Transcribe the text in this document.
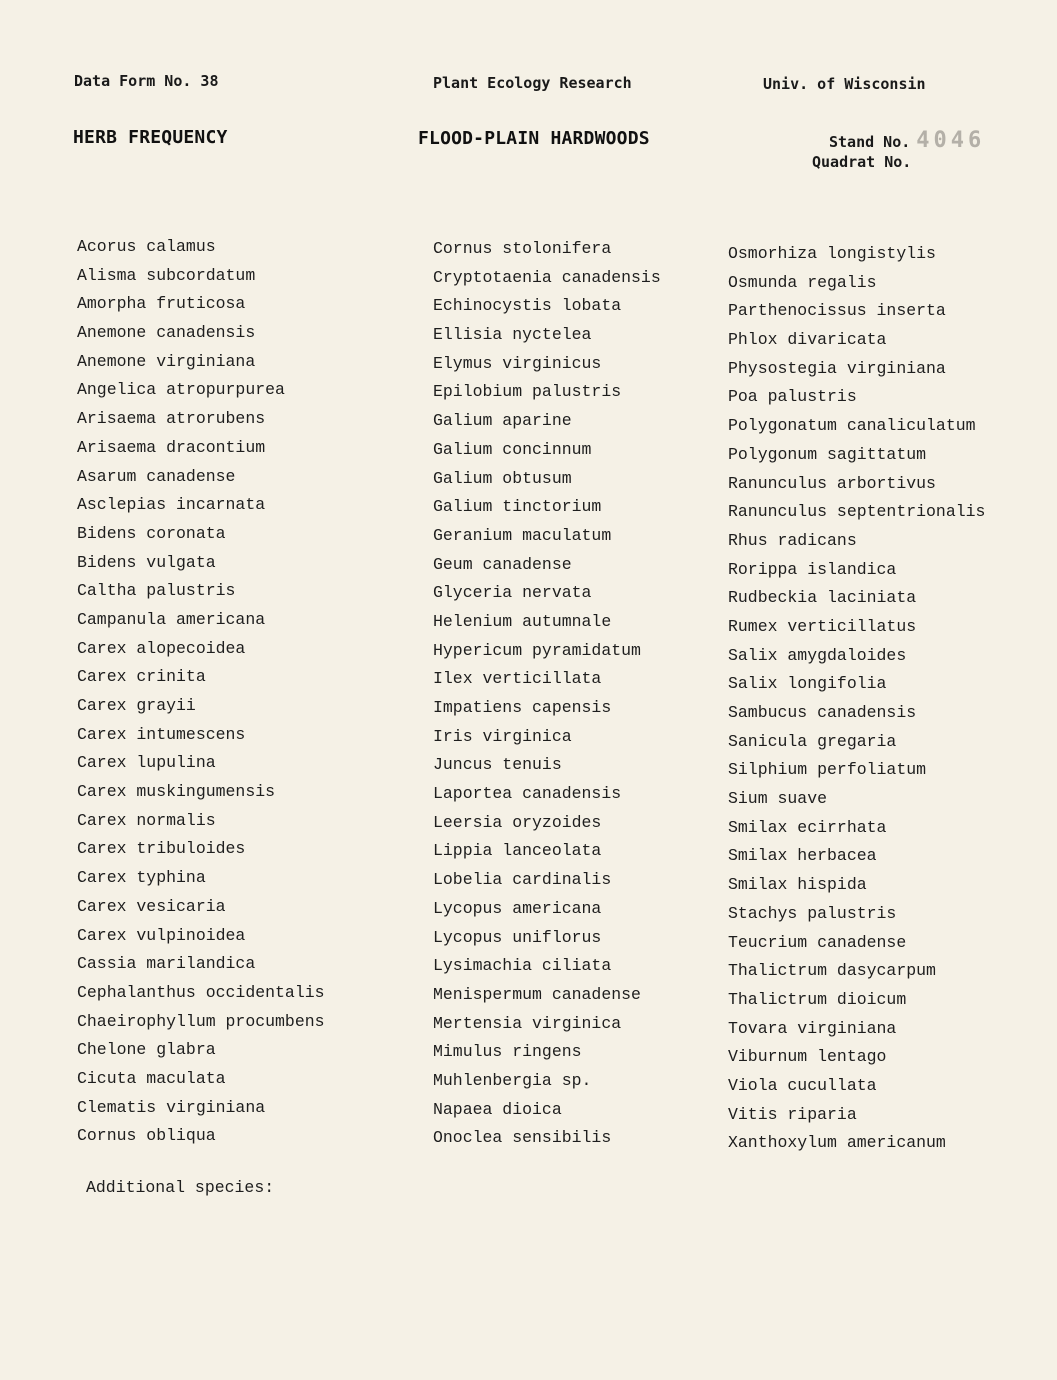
Data Form No. 38	Plant Ecology Research	Univ. of Wisconsin
HERB FREQUENCY	FLOOD-PLAIN HARDWOODS	Stand No. 4046
Quadrat No.
Acorus calamus
Alisma subcordatum
Amorpha fruticosa
Anemone canadensis
Anemone virginiana
Angelica atropurpurea
Arisaema atrorubens
Arisaema dracontium
Asarum canadense
Asclepias incarnata
Bidens coronata
Bidens vulgata
Caltha palustris
Campanula americana
Carex alopecoidea
Carex crinita
Carex grayii
Carex intumescens
Carex lupulina
Carex muskingumensis
Carex normalis
Carex tribuloides
Carex typhina
Carex vesicaria
Carex vulpinoidea
Cassia marilandica
Cephalanthus occidentalis
Chaeirophyllum procumbens
Chelone glabra
Cicuta maculata
Clematis virginiana
Cornus obliqua
Cornus stolonifera
Cryptotaenia canadensis
Echinocystis lobata
Ellisia nyctelea
Elymus virginicus
Epilobium palustris
Galium aparine
Galium concinnum
Galium obtusum
Galium tinctorium
Geranium maculatum
Geum canadense
Glyceria nervata
Helenium autumnale
Hypericum pyramidatum
Ilex verticillata
Impatiens capensis
Iris virginica
Juncus tenuis
Laportea canadensis
Leersia oryzoides
Lippia lanceolata
Lobelia cardinalis
Lycopus americana
Lycopus uniflorus
Lysimachia ciliata
Menispermum canadense
Mertensia virginica
Mimulus ringens
Muhlenbergia sp.
Napaea dioica
Onoclea sensibilis
Osmorhiza longistylis
Osmunda regalis
Parthenocissus inserta
Phlox divaricata
Physostegia virginiana
Poa palustris
Polygonatum canaliculatum
Polygonum sagittatum
Ranunculus arbortivus
Ranunculus septentrionalis
Rhus radicans
Rorippa islandica
Rudbeckia laciniata
Rumex verticillatus
Salix amygdaloides
Salix longifolia
Sambucus canadensis
Sanicula gregaria
Silphium perfoliatum
Sium suave
Smilax ecirrhata
Smilax herbacea
Smilax hispida
Stachys palustris
Teucrium canadense
Thalictrum dasycarpum
Thalictrum dioicum
Tovara virginiana
Viburnum lentago
Viola cucullata
Vitis riparia
Xanthoxylum americanum
Additional species:
